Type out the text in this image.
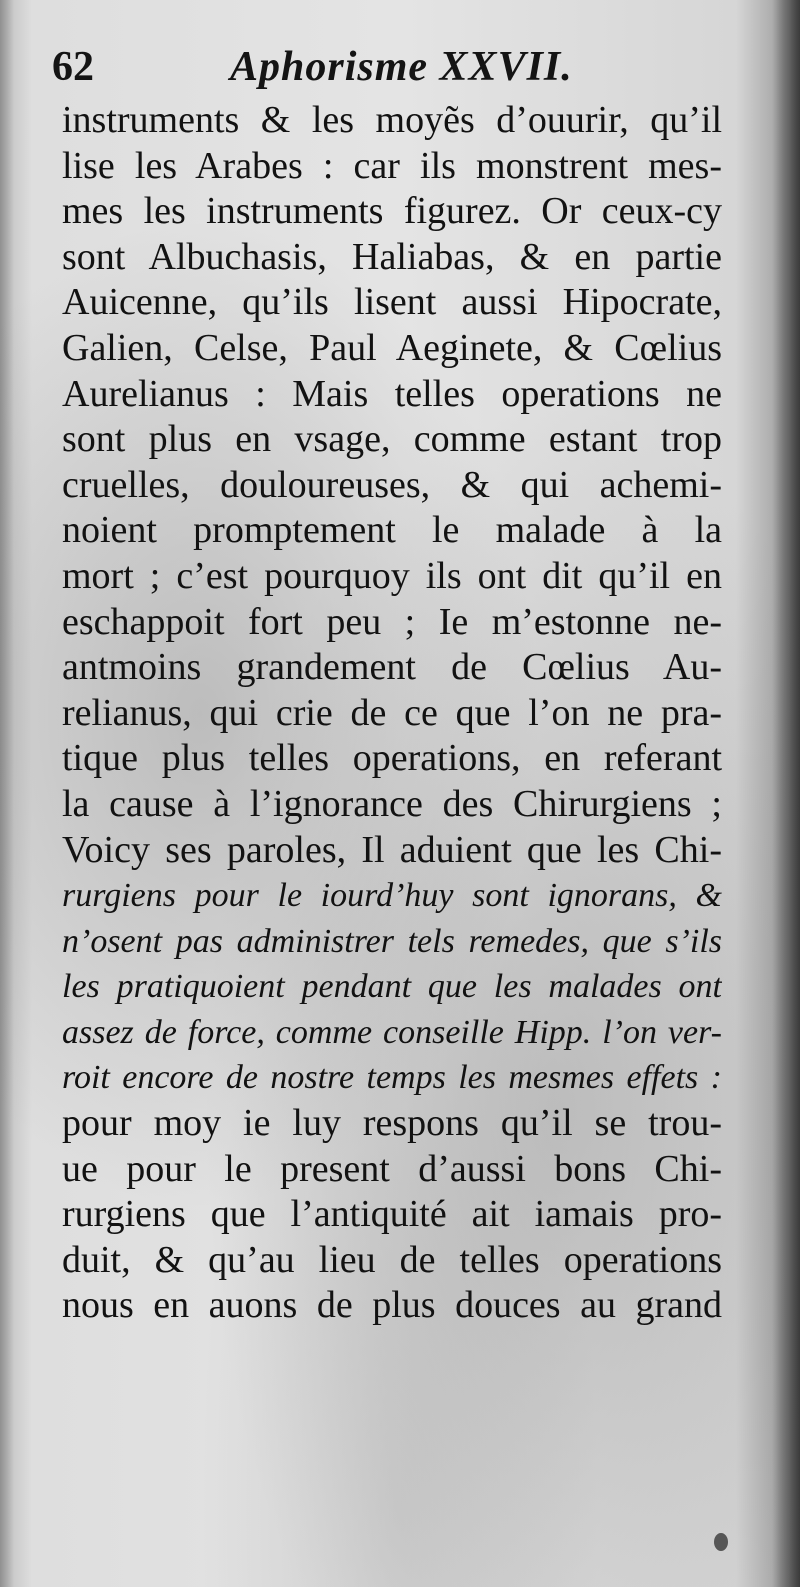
62	Aphorisme XXVII.
instruments & les moyẽs d’ouurir, qu’il
lise les Arabes : car ils monstrent mes-
mes les instruments figurez. Or ceux-cy
sont Albuchasis, Haliabas, & en partie
Auicenne, qu’ils lisent aussi Hipocrate,
Galien, Celse, Paul Aeginete, & Cœlius
Aurelianus : Mais telles operations ne
sont plus en vsage, comme estant trop
cruelles, douloureuses, & qui achemi-
noient promptement le malade à la
mort ; c’est pourquoy ils ont dit qu’il en
eschappoit fort peu ; Ie m’estonne ne-
antmoins grandement de Cœlius Au-
relianus, qui crie de ce que l’on ne pra-
tique plus telles operations, en referant
la cause à l’ignorance des Chirurgiens ;
Voicy ses paroles, Il aduient que les Chi-
rurgiens pour le iourd’huy sont ignorans, &
n’osent pas administrer tels remedes, que s’ils
les pratiquoient pendant que les malades ont
assez de force, comme conseille Hipp. l’on ver-
roit encore de nostre temps les mesmes effets :
pour moy ie luy respons qu’il se trou-
ue pour le present d’aussi bons Chi-
rurgiens que l’antiquité ait iamais pro-
duit, & qu’au lieu de telles operations
nous en auons de plus douces au grand
